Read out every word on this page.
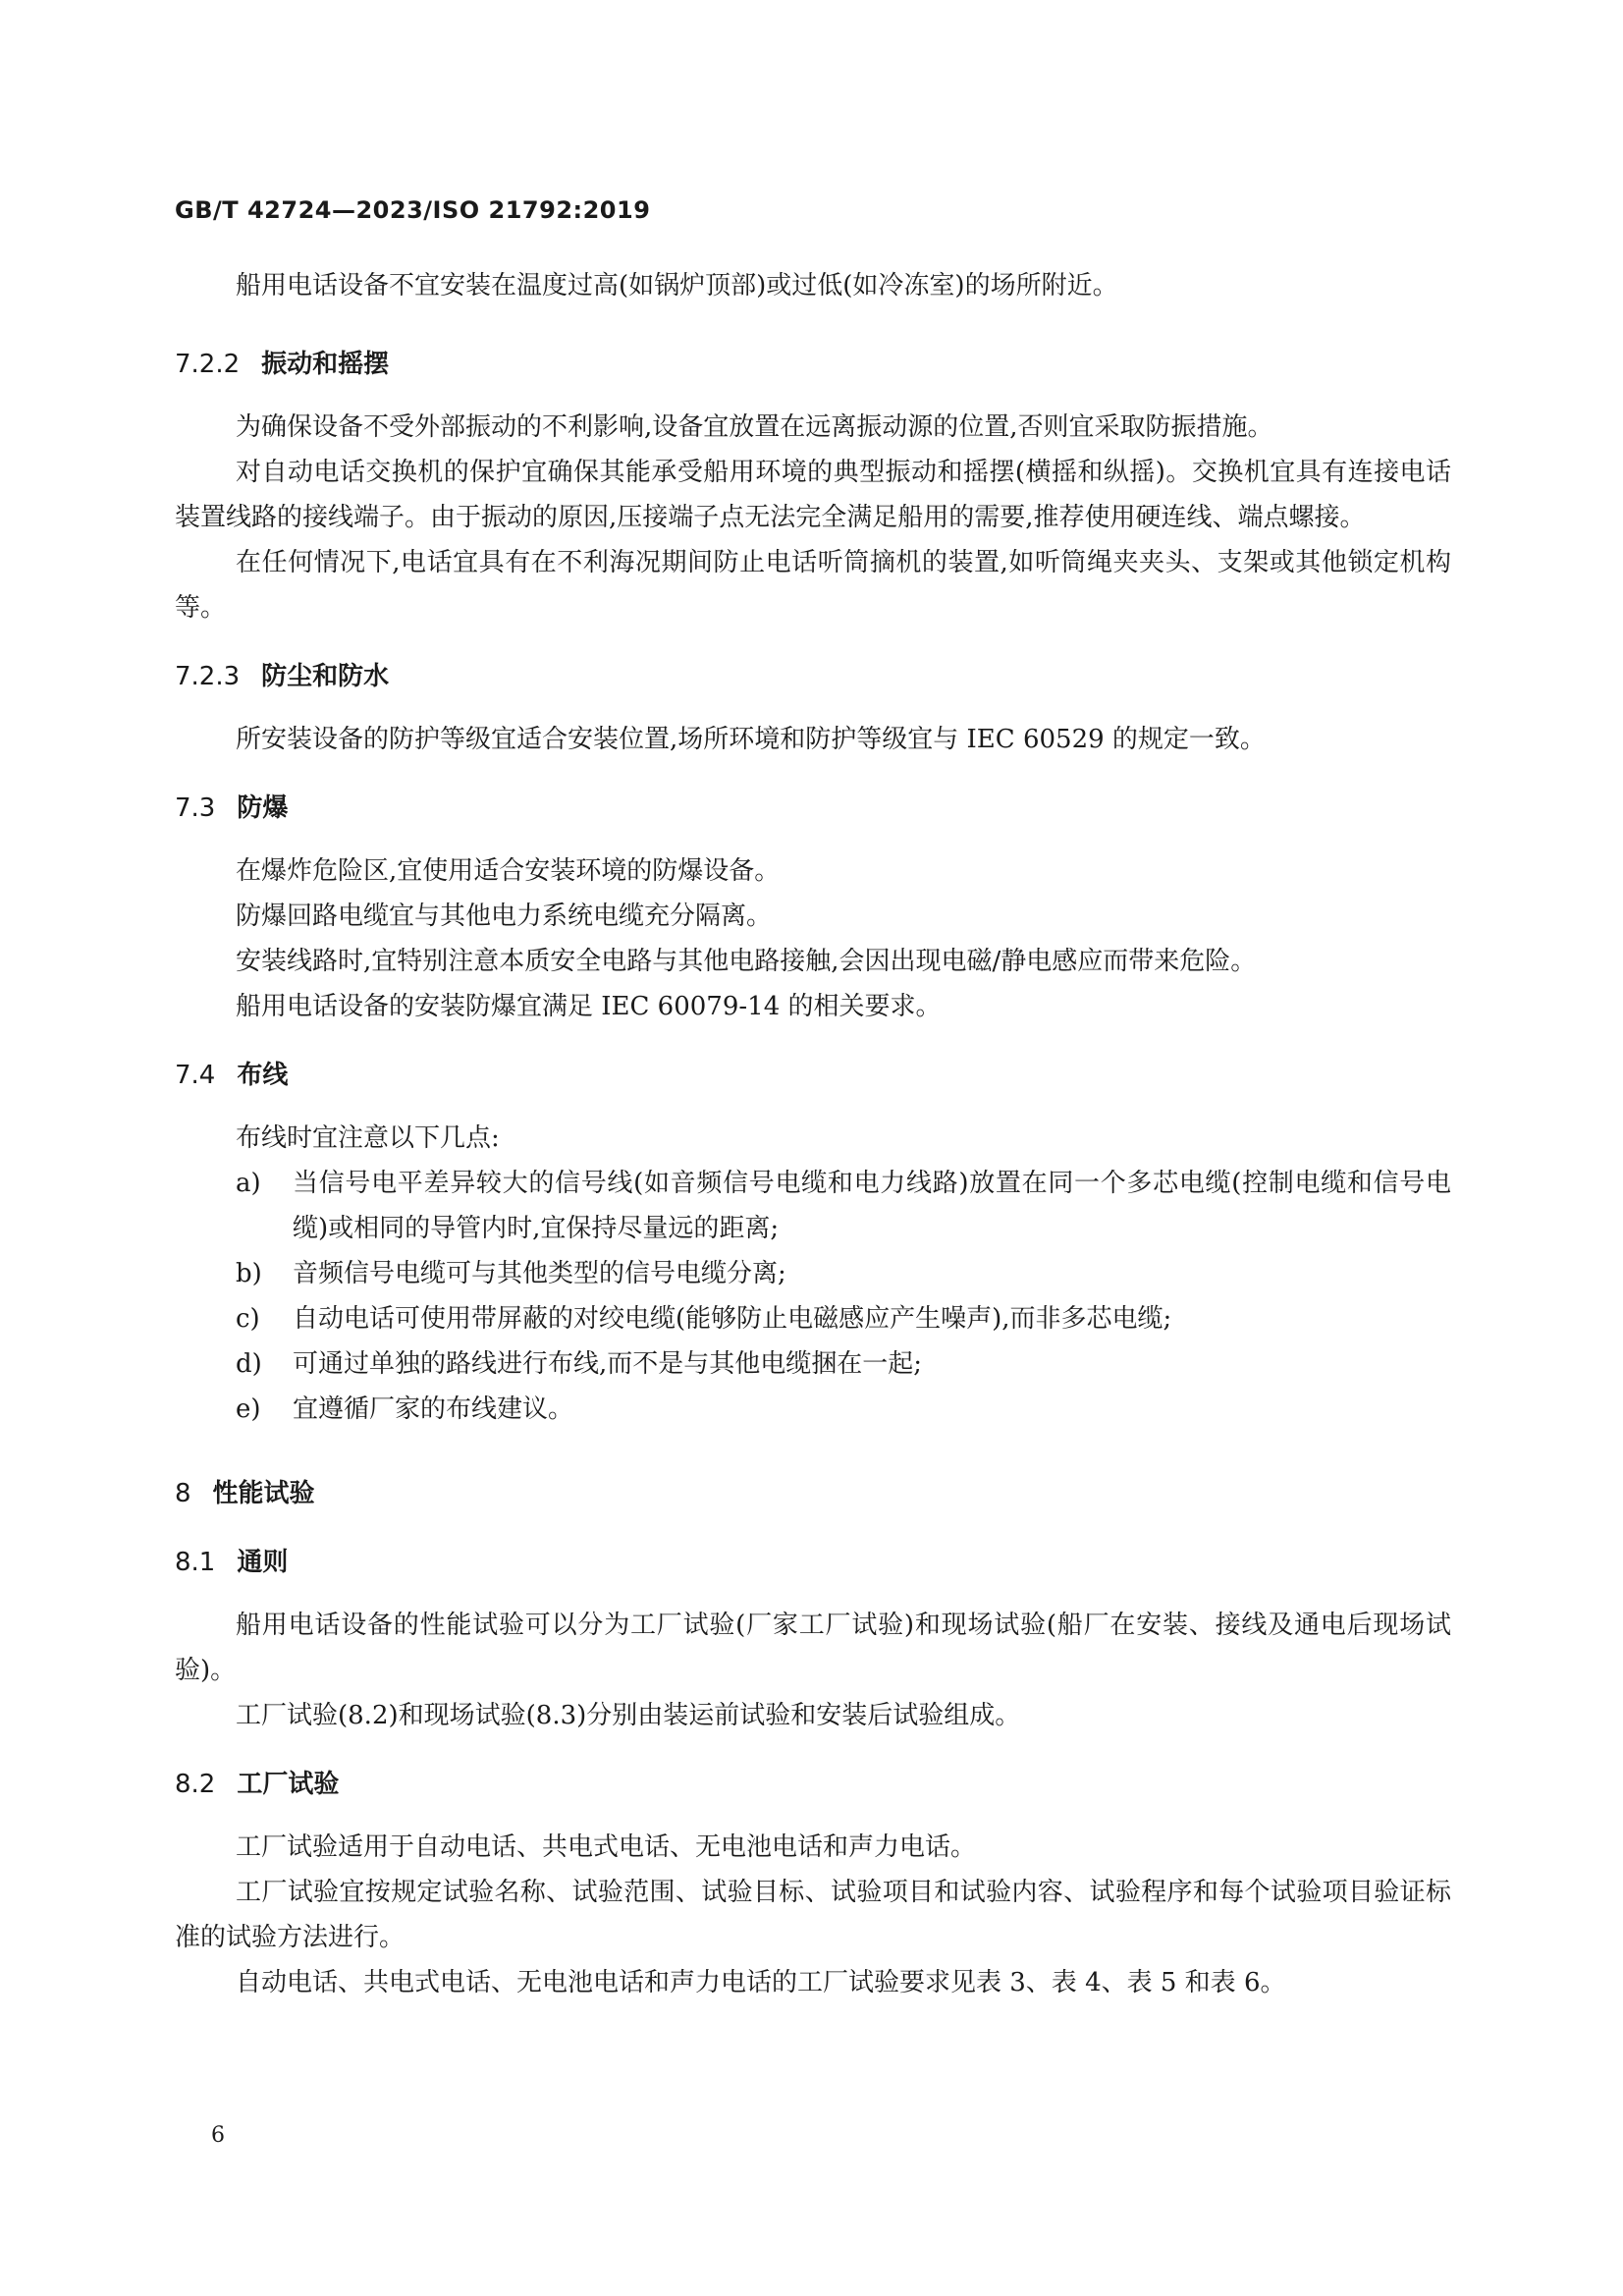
GB/T 42724—2023/ISO 21792:2019

船用电话设备不宜安装在温度过高(如锅炉顶部)或过低(如冷冻室)的场所附近。

7.2.2 振动和摇摆

为确保设备不受外部振动的不利影响,设备宜放置在远离振动源的位置,否则宜采取防振措施。

对自动电话交换机的保护宜确保其能承受船用环境的典型振动和摇摆(横摇和纵摇)。交换机宜具有连接电话装置线路的接线端子。由于振动的原因,压接端子点无法完全满足船用的需要,推荐使用硬连线、端点螺接。

在任何情况下,电话宜具有在不利海况期间防止电话听筒摘机的装置,如听筒绳夹夹头、支架或其他锁定机构等。

7.2.3 防尘和防水

所安装设备的防护等级宜适合安装位置,场所环境和防护等级宜与 IEC 60529 的规定一致。

7.3 防爆

在爆炸危险区,宜使用适合安装环境的防爆设备。

防爆回路电缆宜与其他电力系统电缆充分隔离。

安装线路时,宜特别注意本质安全电路与其他电路接触,会因出现电磁/静电感应而带来危险。

船用电话设备的安装防爆宜满足 IEC 60079-14 的相关要求。

7.4 布线

布线时宜注意以下几点:

a) 当信号电平差异较大的信号线(如音频信号电缆和电力线路)放置在同一个多芯电缆(控制电缆和信号电缆)或相同的导管内时,宜保持尽量远的距离;
b) 音频信号电缆可与其他类型的信号电缆分离;
c) 自动电话可使用带屏蔽的对绞电缆(能够防止电磁感应产生噪声),而非多芯电缆;
d) 可通过单独的路线进行布线,而不是与其他电缆捆在一起;
e) 宜遵循厂家的布线建议。
8 性能试验
8.1 通则

船用电话设备的性能试验可以分为工厂试验(厂家工厂试验)和现场试验(船厂在安装、接线及通电后现场试验)。

工厂试验(8.2)和现场试验(8.3)分别由装运前试验和安装后试验组成。

8.2 工厂试验

工厂试验适用于自动电话、共电式电话、无电池电话和声力电话。

工厂试验宜按规定试验名称、试验范围、试验目标、试验项目和试验内容、试验程序和每个试验项目验证标准的试验方法进行。

自动电话、共电式电话、无电池电话和声力电话的工厂试验要求见表 3、表 4、表 5 和表 6。

6
